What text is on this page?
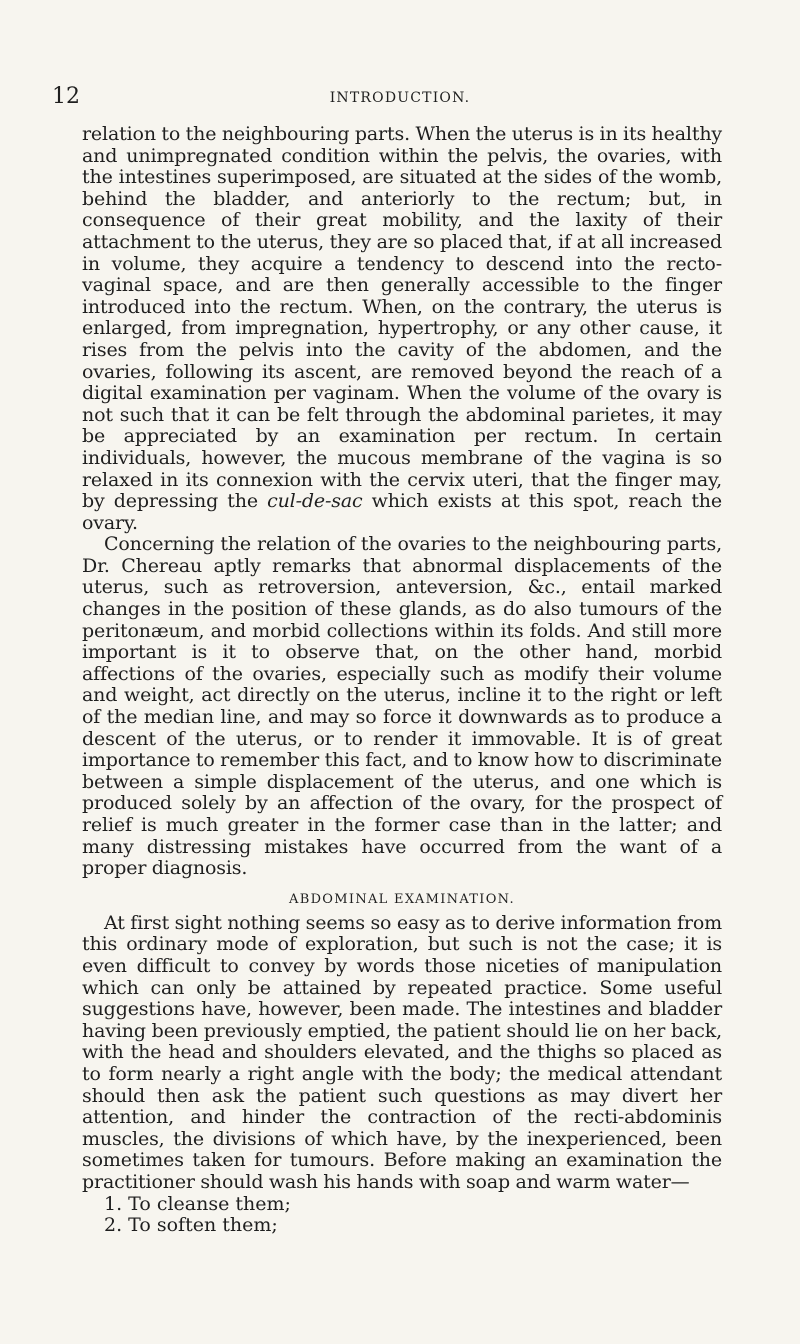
12	INTRODUCTION.

relation to the neighbouring parts. When the uterus is in its healthy and unimpregnated condition within the pelvis, the ovaries, with the intestines superimposed, are situated at the sides of the womb, behind the bladder, and anteriorly to the rectum; but, in consequence of their great mobility, and the laxity of their attachment to the uterus, they are so placed that, if at all increased in volume, they acquire a tendency to descend into the recto-vaginal space, and are then generally accessible to the finger introduced into the rectum. When, on the contrary, the uterus is enlarged, from impregnation, hypertrophy, or any other cause, it rises from the pelvis into the cavity of the abdomen, and the ovaries, following its ascent, are removed beyond the reach of a digital examination per vaginam. When the volume of the ovary is not such that it can be felt through the abdominal parietes, it may be appreciated by an examination per rectum. In certain individuals, however, the mucous membrane of the vagina is so relaxed in its connexion with the cervix uteri, that the finger may, by depressing the cul-de-sac which exists at this spot, reach the ovary.

Concerning the relation of the ovaries to the neighbouring parts, Dr. Chereau aptly remarks that abnormal displacements of the uterus, such as retroversion, anteversion, &c., entail marked changes in the position of these glands, as do also tumours of the peritonæum, and morbid collections within its folds. And still more important is it to observe that, on the other hand, morbid affections of the ovaries, especially such as modify their volume and weight, act directly on the uterus, incline it to the right or left of the median line, and may so force it downwards as to produce a descent of the uterus, or to render it immovable. It is of great importance to remember this fact, and to know how to discriminate between a simple displacement of the uterus, and one which is produced solely by an affection of the ovary, for the prospect of relief is much greater in the former case than in the latter; and many distressing mistakes have occurred from the want of a proper diagnosis.

ABDOMINAL EXAMINATION.

At first sight nothing seems so easy as to derive information from this ordinary mode of exploration, but such is not the case; it is even difficult to convey by words those niceties of manipulation which can only be attained by repeated practice. Some useful suggestions have, however, been made. The intestines and bladder having been previously emptied, the patient should lie on her back, with the head and shoulders elevated, and the thighs so placed as to form nearly a right angle with the body; the medical attendant should then ask the patient such questions as may divert her attention, and hinder the contraction of the recti-abdominis muscles, the divisions of which have, by the inexperienced, been sometimes taken for tumours. Before making an examination the practitioner should wash his hands with soap and warm water—

1. To cleanse them;
2. To soften them;
